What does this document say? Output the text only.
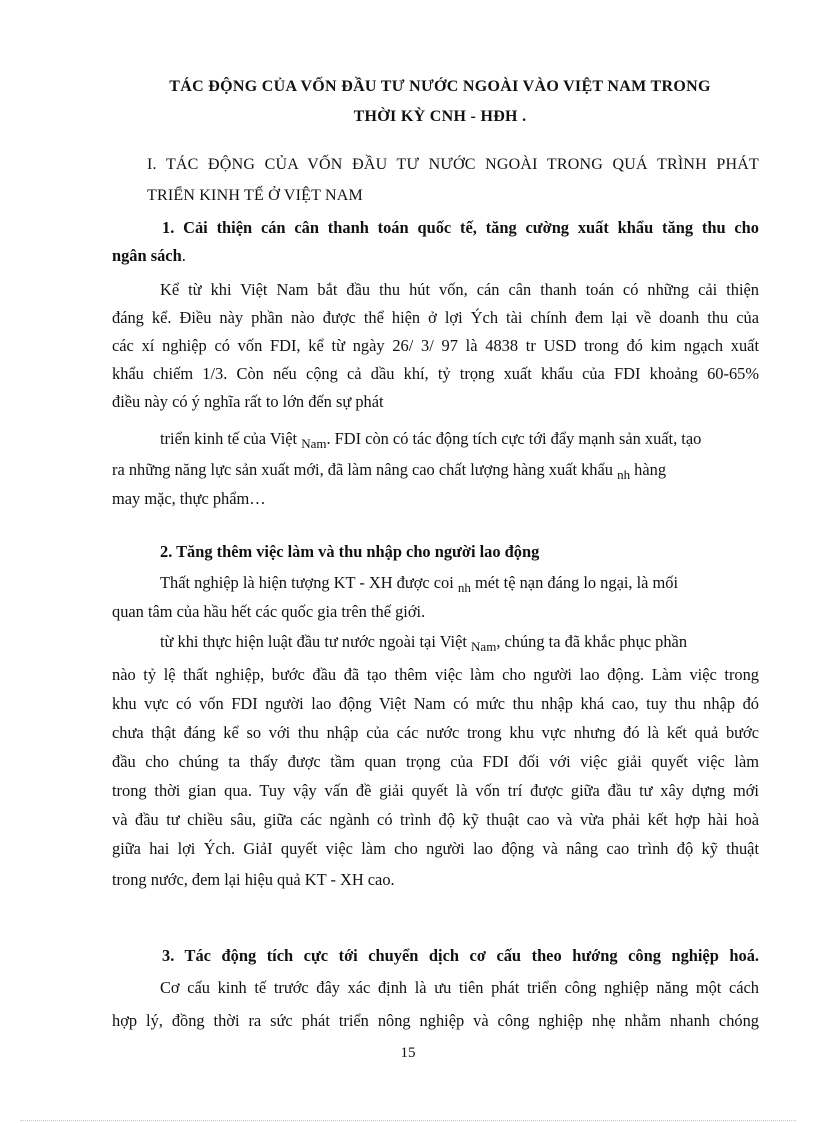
TÁC ĐỘNG CỦA VỐN ĐẦU TƯ NƯỚC NGOÀI VÀO VIỆT NAM TRONG
THỜI KỲ CNH - HĐH .
I. TÁC ĐỘNG CỦA VỐN ĐẦU TƯ NƯỚC NGOÀI TRONG QUÁ TRÌNH PHÁT
TRIỂN KINH TẾ Ở VIỆT NAM
1. Cải thiện cán cân thanh toán quốc tế, tăng cường xuất khẩu tăng thu cho
ngân sách.
Kể từ khi Việt Nam bắt đầu thu hút vốn, cán cân thanh toán có những cải thiện
đáng kể. Điều này phần nào được thể hiện ở lợi Ých tài chính đem lại về doanh thu của
các xí nghiệp có vốn FDI, kể từ ngày 26/ 3/ 97 là 4838 tr USD trong đó kim ngạch xuất
khẩu chiếm 1/3. Còn nếu cộng cả dầu khí, tỷ trọng xuất khẩu của FDI khoảng 60-65%
điều này có ý nghĩa rất to lớn đến sự phát
triển kinh tế của Việt $_{Nam}$. FDI còn có tác động tích cực tới đẩy mạnh sản xuất, tạo
ra những năng lực sản xuất mới, đã làm nâng cao chất lượng hàng xuất khẩu $_{nh}$ hàng
may mặc, thực phẩm…
2. Tăng thêm việc làm và thu nhập cho người lao động
Thất nghiệp là hiện tượng KT - XH được coi $_{nh}$ mét tệ nạn đáng lo ngại, là mối
quan tâm của hầu hết các quốc gia trên thế giới.
từ khi thực hiện luật đầu tư nước ngoài tại Việt $_{Nam}$, chúng ta đã khắc phục phần
nào tỷ lệ thất nghiệp, bước đầu đã tạo thêm việc làm cho người lao động. Làm việc trong
khu vực có vốn FDI người lao động Việt Nam có mức thu nhập khá cao, tuy thu nhập đó
chưa thật đáng kể so với thu nhập của các nước trong khu vực nhưng đó là kết quả bước
đầu cho chúng ta thấy được tầm quan trọng của FDI đối với việc giải quyết việc làm
trong thời gian qua. Tuy vậy vấn đề giải quyết là vốn trí được giữa đầu tư xây dựng mới
và đầu tư chiều sâu, giữa các ngành có trình độ kỹ thuật cao và vừa phải kết hợp hài hoà
giữa hai lợi Ých. GiảI quyết việc làm cho người lao động và nâng cao trình độ kỹ thuật
trong nước, đem lại hiệu quả KT - XH cao.
3. Tác động tích cực tới chuyển dịch cơ cấu theo hướng công nghiệp hoá.
Cơ cấu kinh tế trước đây xác định là ưu tiên phát triển công nghiệp năng một cách
hợp lý, đồng thời ra sức phát triển nông nghiệp và công nghiệp nhẹ nhằm nhanh chóng
15
